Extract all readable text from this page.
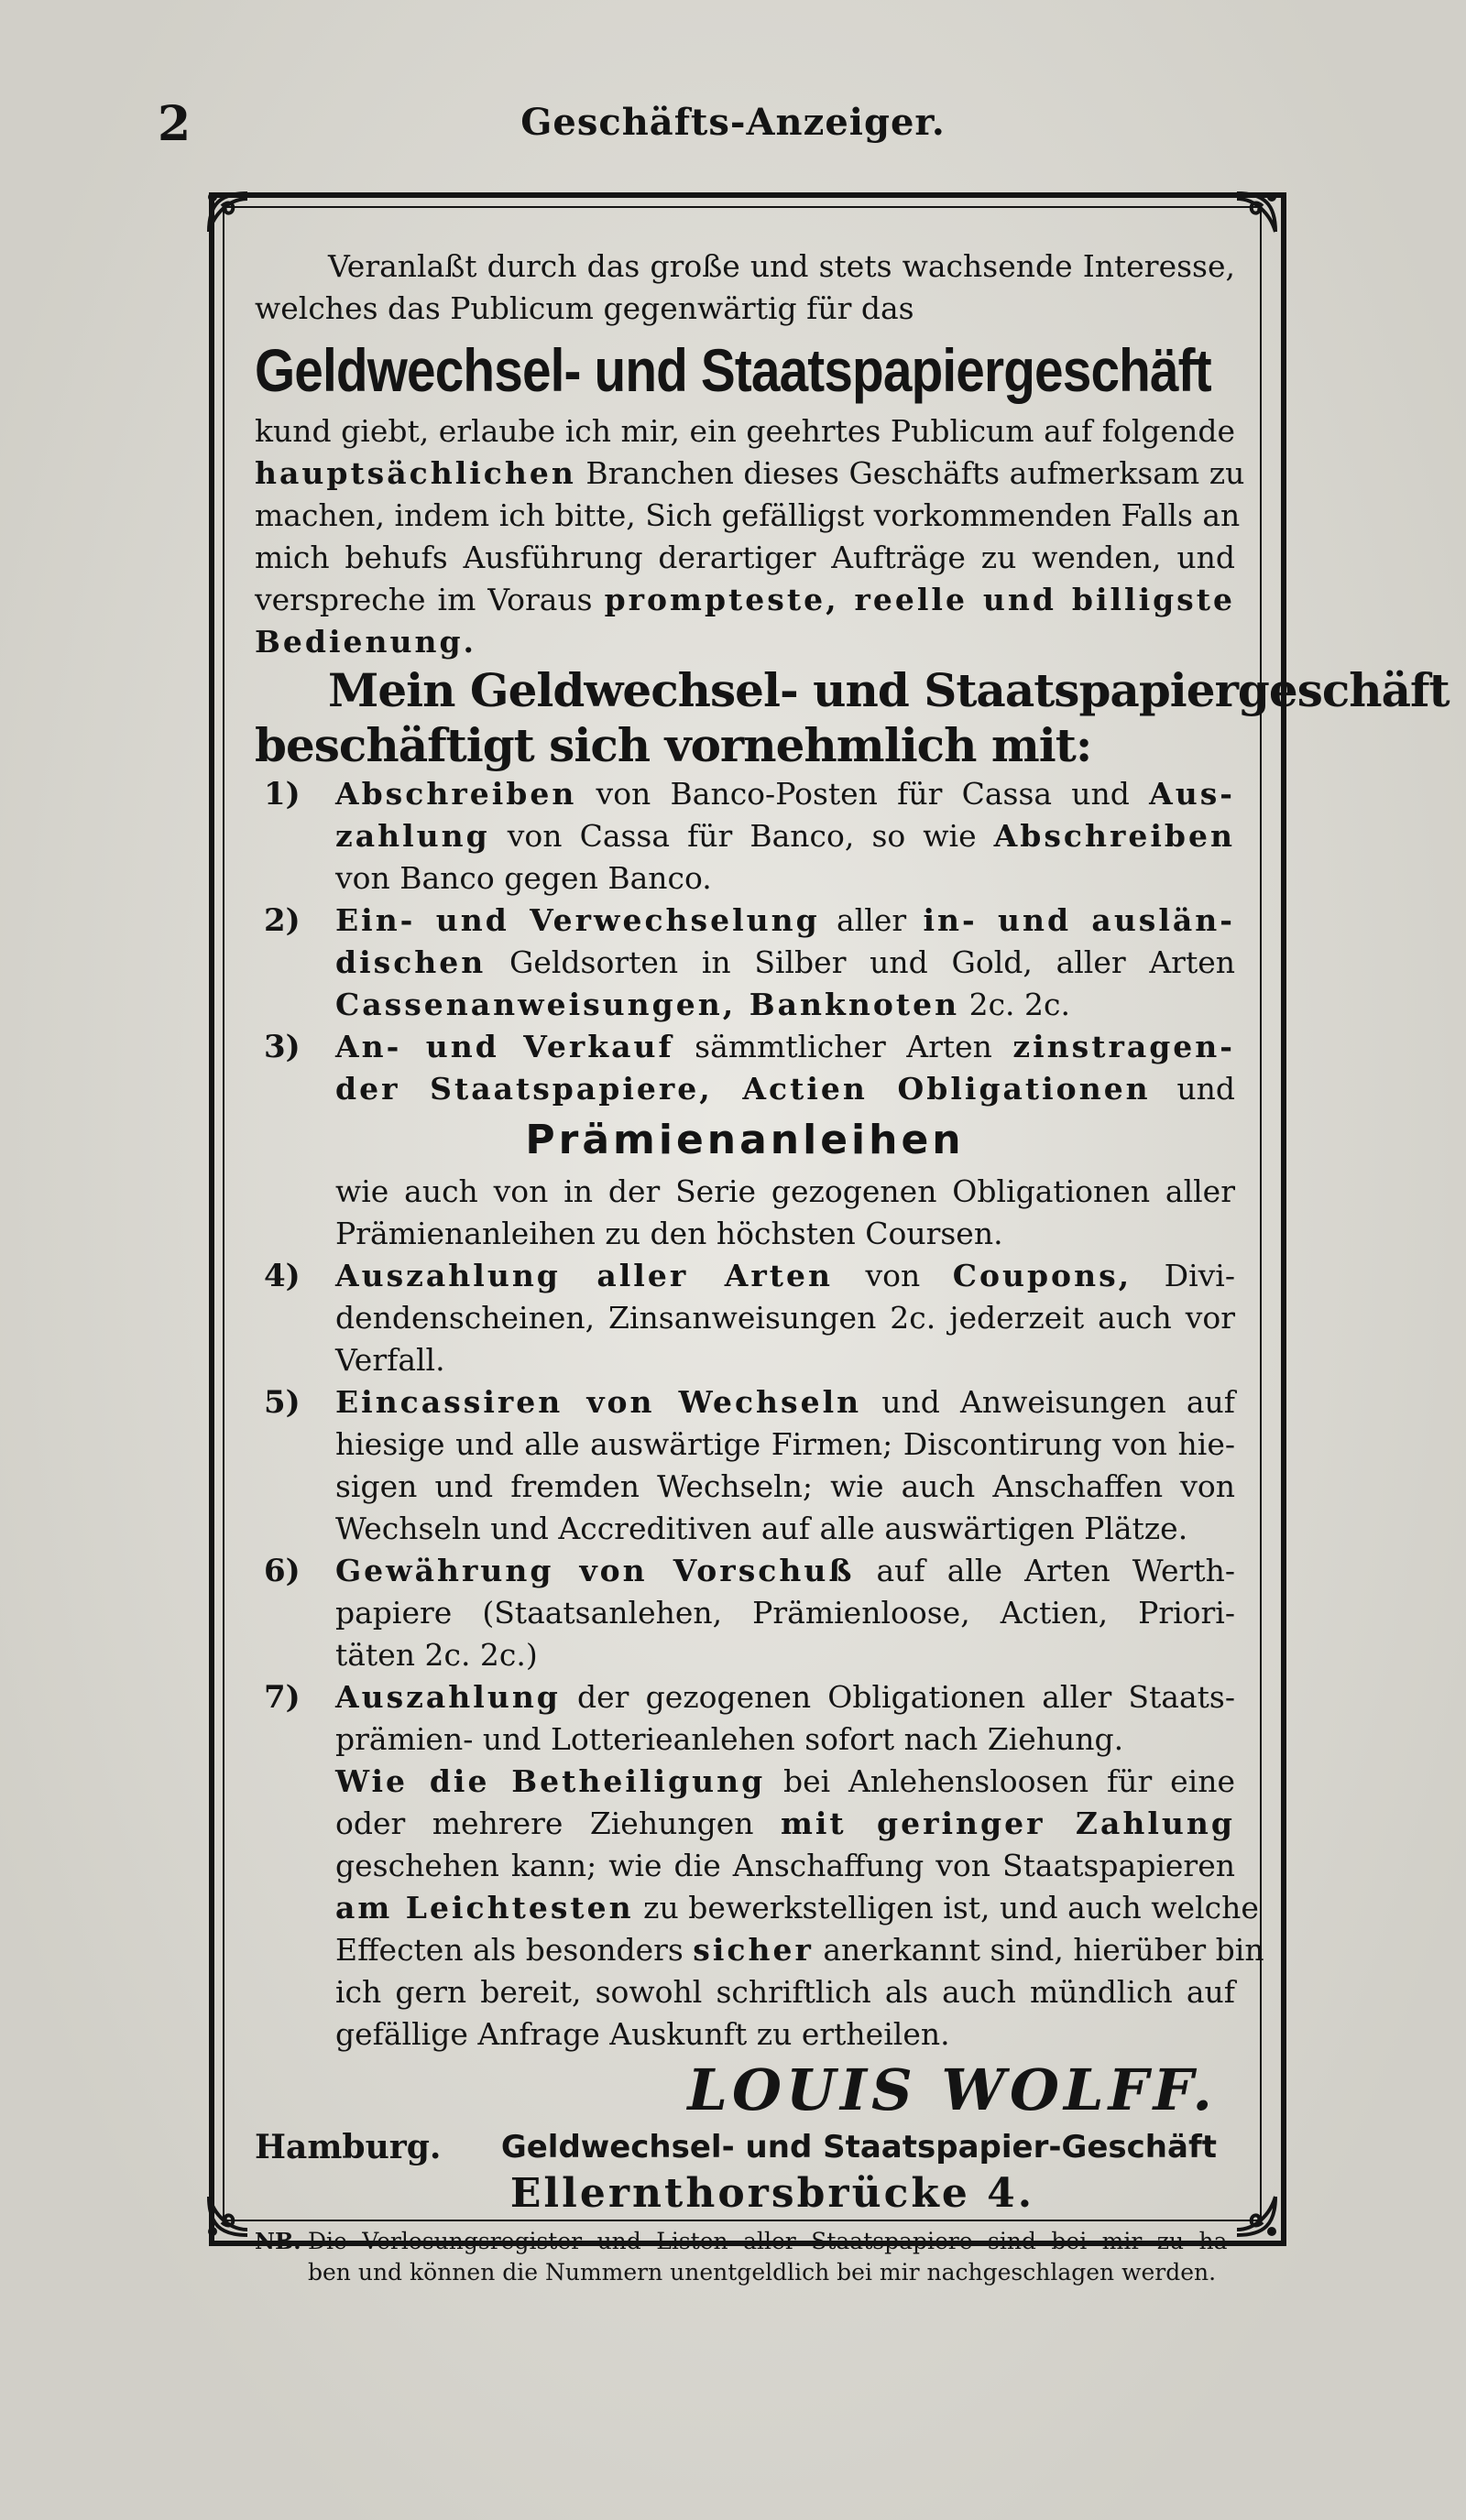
2	Geschäfts-Anzeiger.
Veranlaßt durch das große und stets wachsende Interesse,
welches das Publicum gegenwärtig für das
Geldwechsel- und Staatspapiergeschäft
kund giebt, erlaube ich mir, ein geehrtes Publicum auf folgende
hauptsächlichen Branchen dieses Geschäfts aufmerksam zu
machen, indem ich bitte, Sich gefälligst vorkommenden Falls an
mich behufs Ausführung derartiger Aufträge zu wenden, und
verspreche im Voraus prompteste, reelle und billigste
Bedienung.
Mein Geldwechsel- und Staatspapiergeschäft
beschäftigt sich vornehmlich mit:
1) Abschreiben von Banco-Posten für Cassa und Aus-
zahlung von Cassa für Banco, so wie Abschreiben
von Banco gegen Banco.
2) Ein- und Verwechselung aller in- und auslän-
dischen Geldsorten in Silber und Gold, aller Arten
Cassenanweisungen, Banknoten 2c. 2c.
3) An- und Verkauf sämmtlicher Arten zinstragen-
der Staatspapiere, Actien Obligationen und
Prämienanleihen
wie auch von in der Serie gezogenen Obligationen aller
Prämienanleihen zu den höchsten Coursen.
4) Auszahlung aller Arten von Coupons, Divi-
dendenscheinen, Zinsanweisungen 2c. jederzeit auch vor
Verfall.
5) Eincassiren von Wechseln und Anweisungen auf
hiesige und alle auswärtige Firmen; Discontirung von hie-
sigen und fremden Wechseln; wie auch Anschaffen von
Wechseln und Accreditiven auf alle auswärtigen Plätze.
6) Gewährung von Vorschuß auf alle Arten Werth-
papiere (Staatsanlehen, Prämienloose, Actien, Priori-
täten 2c. 2c.)
7) Auszahlung der gezogenen Obligationen aller Staats-
prämien- und Lotterieanlehen sofort nach Ziehung.
Wie die Betheiligung bei Anlehensloosen für eine
oder mehrere Ziehungen mit geringer Zahlung
geschehen kann; wie die Anschaffung von Staatspapieren
am Leichtesten zu bewerkstelligen ist, und auch welche
Effecten als besonders sicher anerkannt sind, hierüber bin
ich gern bereit, sowohl schriftlich als auch mündlich auf
gefällige Anfrage Auskunft zu ertheilen.
LOUIS WOLFF.
Hamburg.	Geldwechsel- und Staatspapier-Geschäft
Ellernthorsbrücke 4.
NB. Die Verlosungsregister und Listen aller Staatspapiere sind bei mir zu ha-
ben und können die Nummern unentgeldlich bei mir nachgeschlagen werden.
